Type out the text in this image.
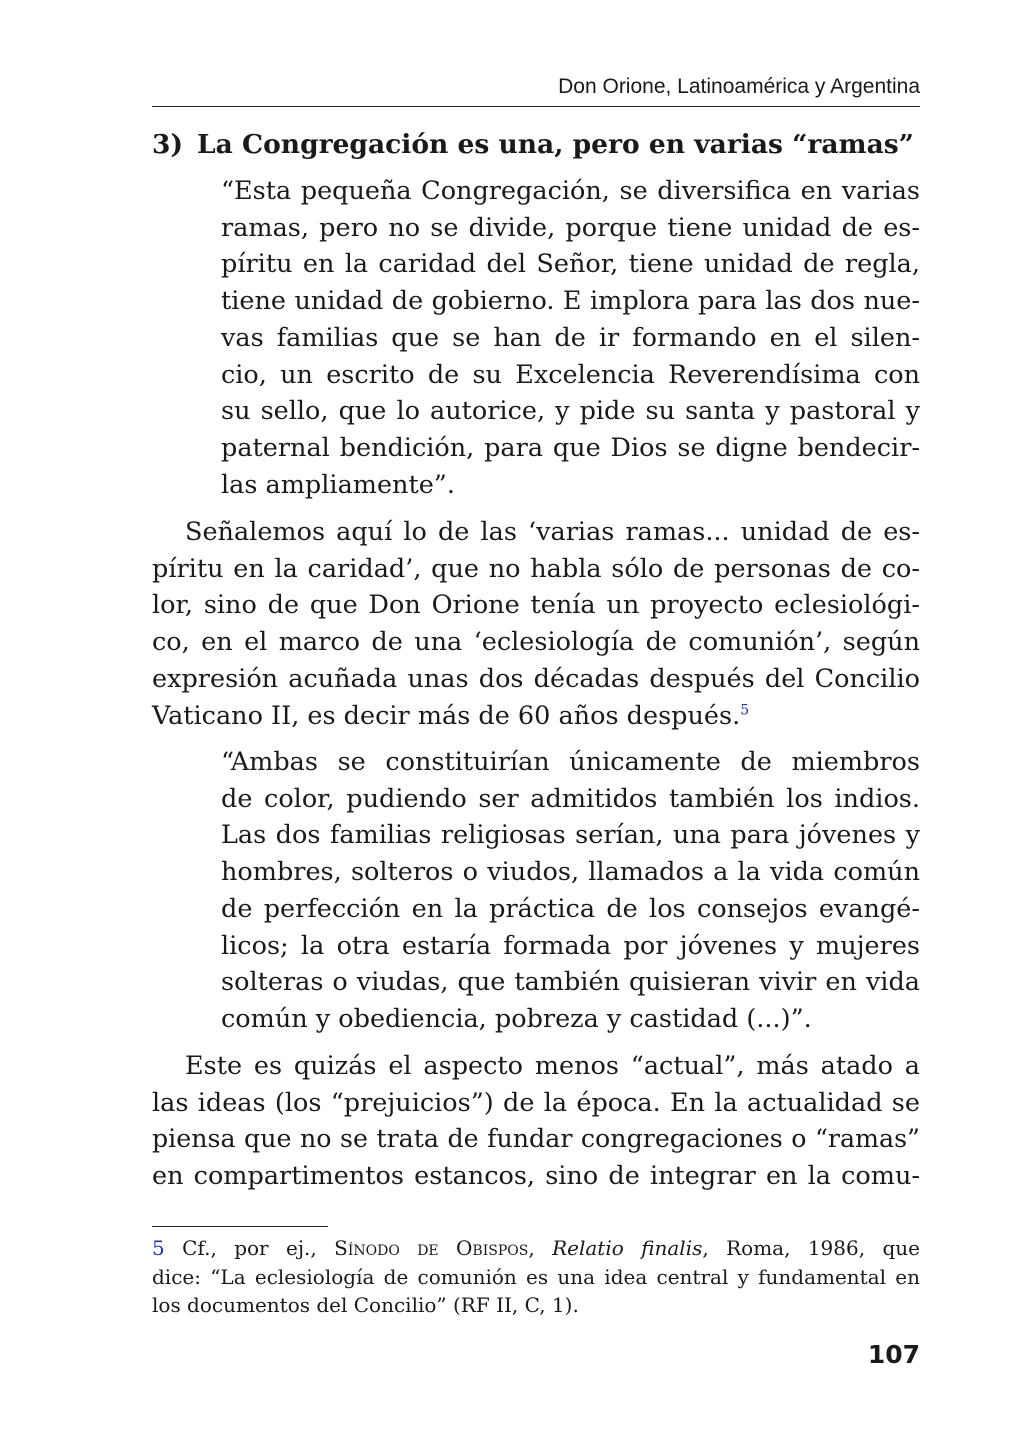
Don Orione, Latinoamérica y Argentina
3) La Congregación es una, pero en varias “ramas”
“Esta pequeña Congregación, se diversifica en varias
ramas, pero no se divide, porque tiene unidad de es-
píritu en la caridad del Señor, tiene unidad de regla,
tiene unidad de gobierno. E implora para las dos nue-
vas familias que se han de ir formando en el silen-
cio, un escrito de su Excelencia Reverendísima con
su sello, que lo autorice, y pide su santa y pastoral y
paternal bendición, para que Dios se digne bendecir-
las ampliamente”.
Señalemos aquí lo de las ‘varias ramas... unidad de es-
píritu en la caridad’, que no habla sólo de personas de co-
lor, sino de que Don Orione tenía un proyecto eclesiológi-
co, en el marco de una ‘eclesiología de comunión’, según
expresión acuñada unas dos décadas después del Concilio
Vaticano II, es decir más de 60 años después.$^5$
“Ambas se constituirían únicamente de miembros
de color, pudiendo ser admitidos también los indios.
Las dos familias religiosas serían, una para jóvenes y
hombres, solteros o viudos, llamados a la vida común
de perfección en la práctica de los consejos evangé-
licos; la otra estaría formada por jóvenes y mujeres
solteras o viudas, que también quisieran vivir en vida
común y obediencia, pobreza y castidad (...)”.
Este es quizás el aspecto menos “actual”, más atado a
las ideas (los “prejuicios”) de la época. En la actualidad se
piensa que no se trata de fundar congregaciones o “ramas”
en compartimentos estancos, sino de integrar en la comu-
5 Cf., por ej., Sínodo de Obispos, Relatio finalis, Roma, 1986, que
dice: “La eclesiología de comunión es una idea central y fundamental en
los documentos del Concilio” (RF II, C, 1).
107
